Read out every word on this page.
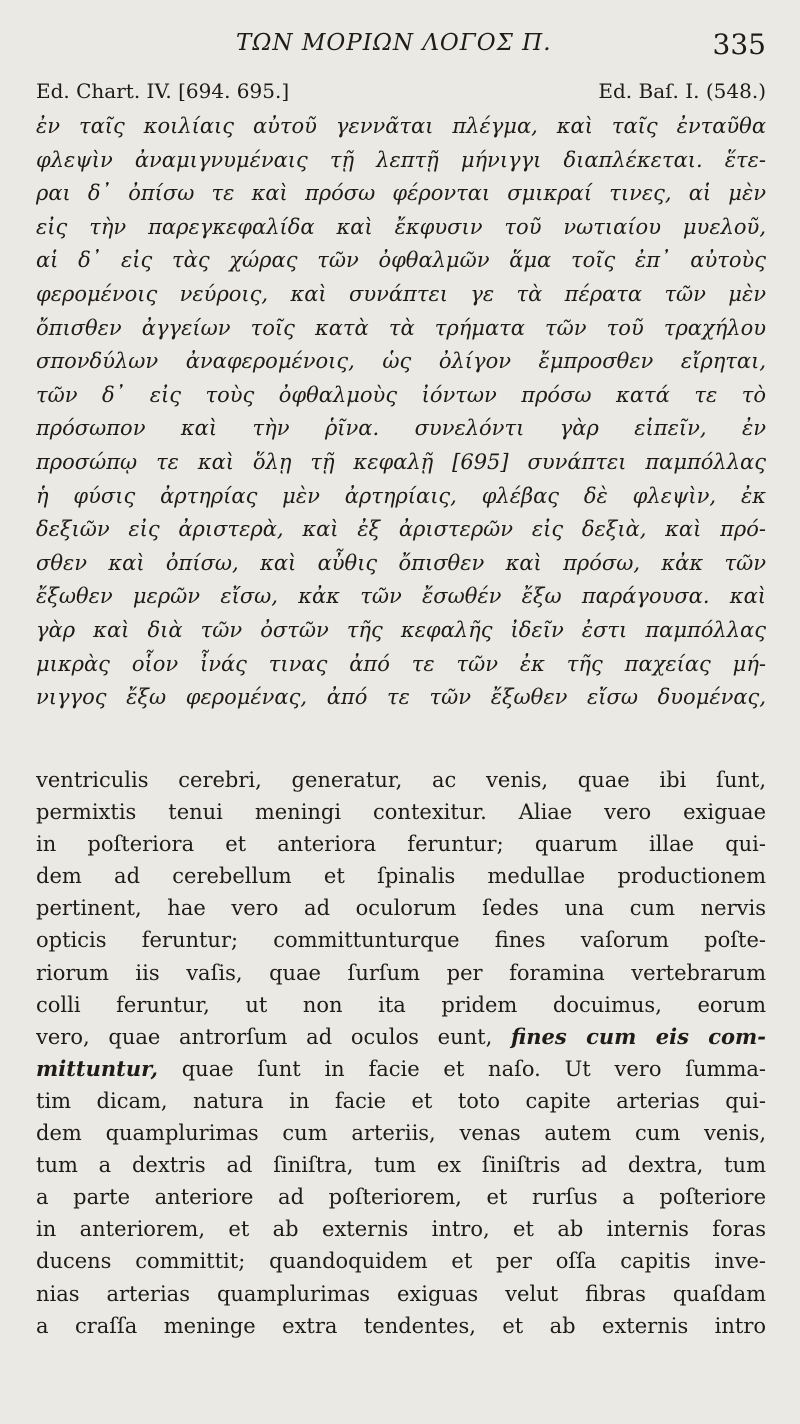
ΤΩΝ ΜΟΡΙΩΝ ΛΟΓΟΣ Π.	335
Ed. Chart. IV. [694. 695.]	Ed. Baſ. I. (548.)
ἐν ταῖς κοιλίαις αὐτοῦ γεννᾶται πλέγμα, καὶ ταῖς ἐνταῦθα
φλεψὶν ἀναμιγνυμέναις τῇ λεπτῇ μήνιγγι διαπλέκεται. ἕτε-
ραι δ᾽ ὀπίσω τε καὶ πρόσω φέρονται σμικραί τινες, αἱ μὲν
εἰς τὴν παρεγκεφαλίδα καὶ ἔκφυσιν τοῦ νωτιαίου μυελοῦ,
αἱ δ᾽ εἰς τὰς χώρας τῶν ὀφθαλμῶν ἅμα τοῖς ἐπ᾽ αὐτοὺς
φερομένοις νεύροις, καὶ συνάπτει γε τὰ πέρατα τῶν μὲν
ὄπισθεν ἀγγείων τοῖς κατὰ τὰ τρήματα τῶν τοῦ τραχήλου
σπονδύλων ἀναφερομένοις, ὡς ὀλίγον ἔμπροσθεν εἴρηται,
τῶν δ᾽ εἰς τοὺς ὀφθαλμοὺς ἰόντων πρόσω κατά τε τὸ
πρόσωπον καὶ τὴν ῥῖνα. συνελόντι γὰρ εἰπεῖν, ἐν
προσώπῳ τε καὶ ὅλῃ τῇ κεφαλῇ [695] συνάπτει παμπόλλας
ἡ φύσις ἀρτηρίας μὲν ἀρτηρίαις, φλέβας δὲ φλεψὶν, ἐκ
δεξιῶν εἰς ἀριστερὰ, καὶ ἐξ ἀριστερῶν εἰς δεξιὰ, καὶ πρό-
σθεν καὶ ὀπίσω, καὶ αὖθις ὄπισθεν καὶ πρόσω, κἀκ τῶν
ἔξωθεν μερῶν εἴσω, κἀκ τῶν ἔσωθέν ἔξω παράγουσα. καὶ
γὰρ καὶ διὰ τῶν ὀστῶν τῆς κεφαλῆς ἰδεῖν ἐστι παμπόλλας
μικρὰς οἷον ἶνάς τινας ἀπό τε τῶν ἐκ τῆς παχείας μή-
νιγγος ἔξω φερομένας, ἀπό τε τῶν ἔξωθεν εἴσω δυομένας,
ventriculis cerebri, generatur, ac venis, quae ibi ſunt,
permixtis tenui meningi contexitur. Aliae vero exiguae
in poſteriora et anteriora feruntur; quarum illae qui-
dem ad cerebellum et ſpinalis medullae productionem
pertinent, hae vero ad oculorum ſedes una cum nervis
opticis feruntur; committunturque fines vaſorum poſte-
riorum iis vaſis, quae ſurſum per foramina vertebrarum
colli feruntur, ut non ita pridem docuimus, eorum
vero, quae antrorſum ad oculos eunt, fines cum eis com-
mittuntur, quae ſunt in facie et naſo. Ut vero ſumma-
tim dicam, natura in facie et toto capite arterias qui-
dem quamplurimas cum arteriis, venas autem cum venis,
tum a dextris ad ſiniſtra, tum ex ſiniſtris ad dextra, tum
a parte anteriore ad poſteriorem, et rurſus a poſteriore
in anteriorem, et ab externis intro, et ab internis foras
ducens committit; quandoquidem et per oſſa capitis inve-
nias arterias quamplurimas exiguas velut fibras quaſdam
a craſſa meninge extra tendentes, et ab externis intro
